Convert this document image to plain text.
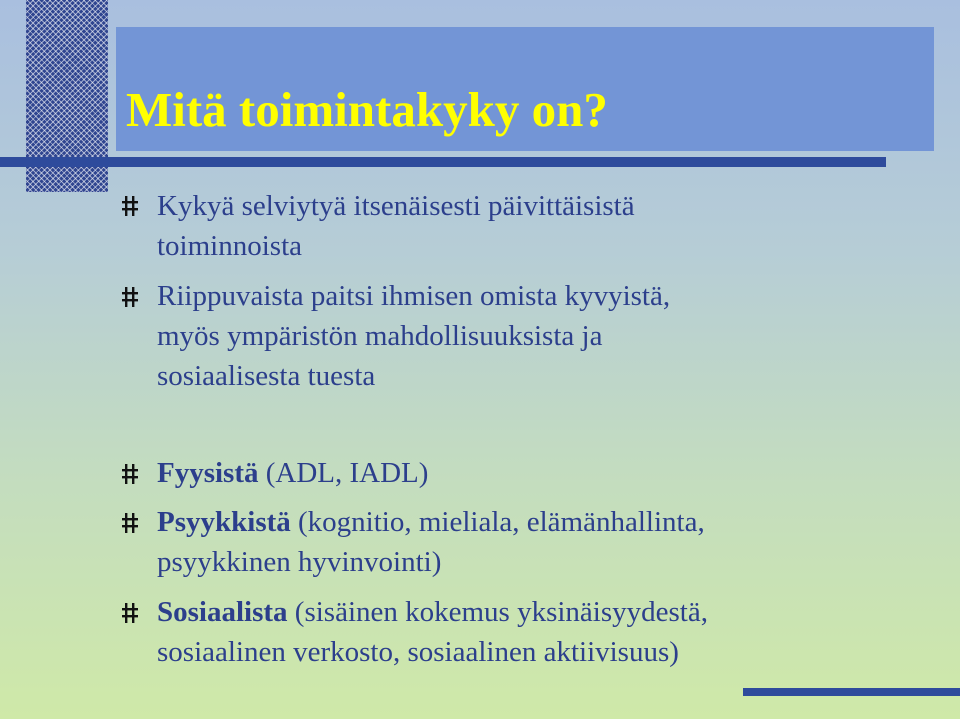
Mitä toimintakyky on?

Kykyä selviytyä itsenäisesti päivittäisistä
toiminnoista

Riippuvaista paitsi ihmisen omista kyvyistä,
myös ympäristön mahdollisuuksista ja
sosiaalisesta tuesta

Fyysistä (ADL, IADL)

Psyykkistä (kognitio, mieliala, elämänhallinta,
psyykkinen hyvinvointi)

Sosiaalista (sisäinen kokemus yksinäisyydestä,
sosiaalinen verkosto, sosiaalinen aktiivisuus)
